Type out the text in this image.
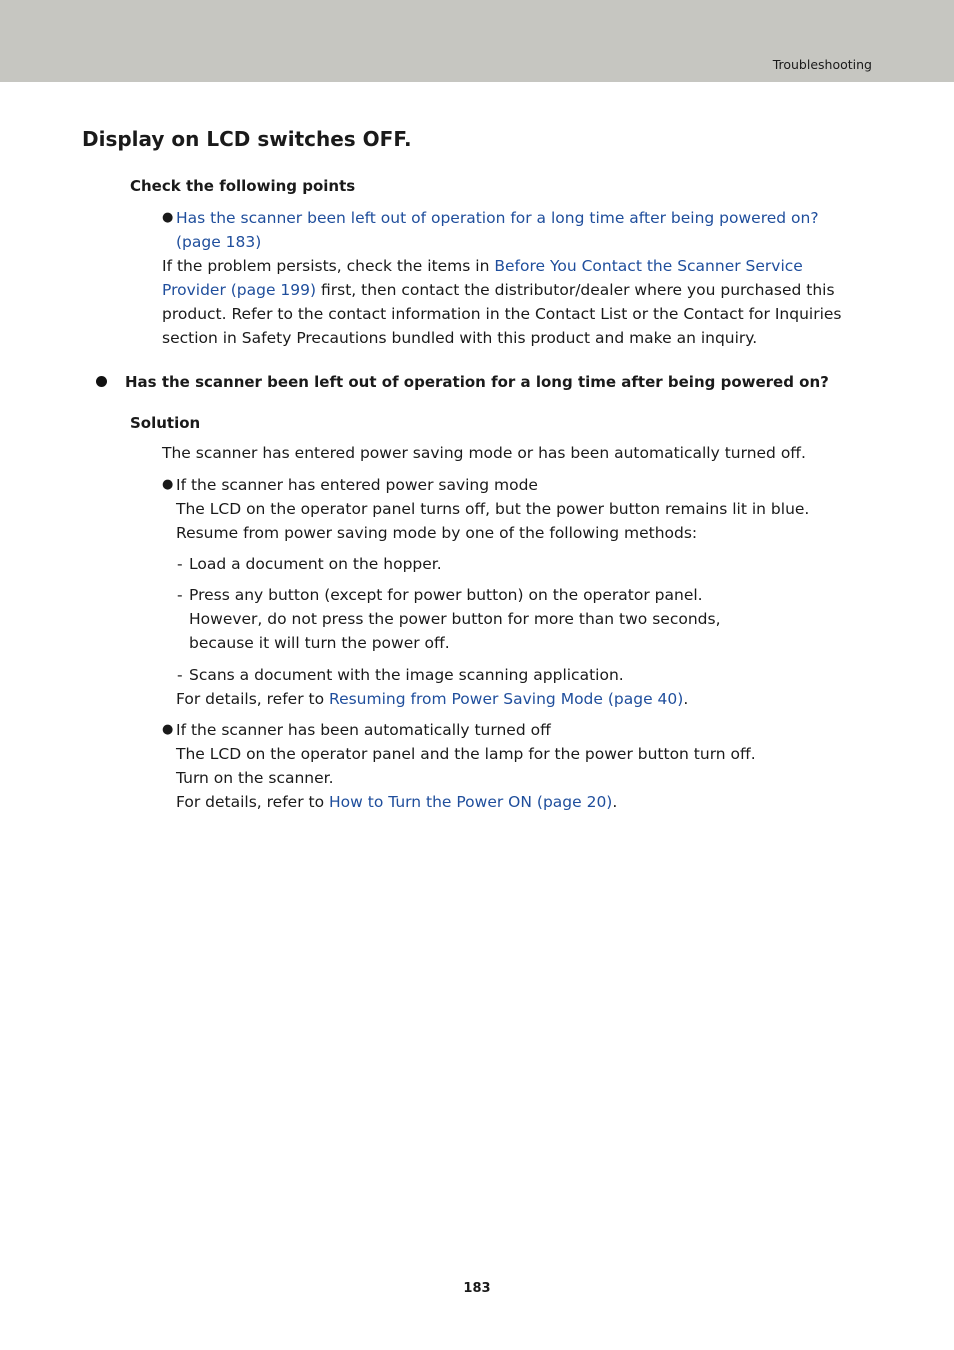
Troubleshooting
Display on LCD switches OFF.
Check the following points
● Has the scanner been left out of operation for a long time after being powered on? (page 183)
If the problem persists, check the items in Before You Contact the Scanner Service Provider (page 199) first, then contact the distributor/dealer where you purchased this product. Refer to the contact information in the Contact List or the Contact for Inquiries section in Safety Precautions bundled with this product and make an inquiry.
Has the scanner been left out of operation for a long time after being powered on?
Solution
The scanner has entered power saving mode or has been automatically turned off.
● If the scanner has entered power saving mode
The LCD on the operator panel turns off, but the power button remains lit in blue.
Resume from power saving mode by one of the following methods:
- Load a document on the hopper.
- Press any button (except for power button) on the operator panel.
However, do not press the power button for more than two seconds,
because it will turn the power off.
- Scans a document with the image scanning application.
For details, refer to Resuming from Power Saving Mode (page 40).
● If the scanner has been automatically turned off
The LCD on the operator panel and the lamp for the power button turn off.
Turn on the scanner.
For details, refer to How to Turn the Power ON (page 20).
183
